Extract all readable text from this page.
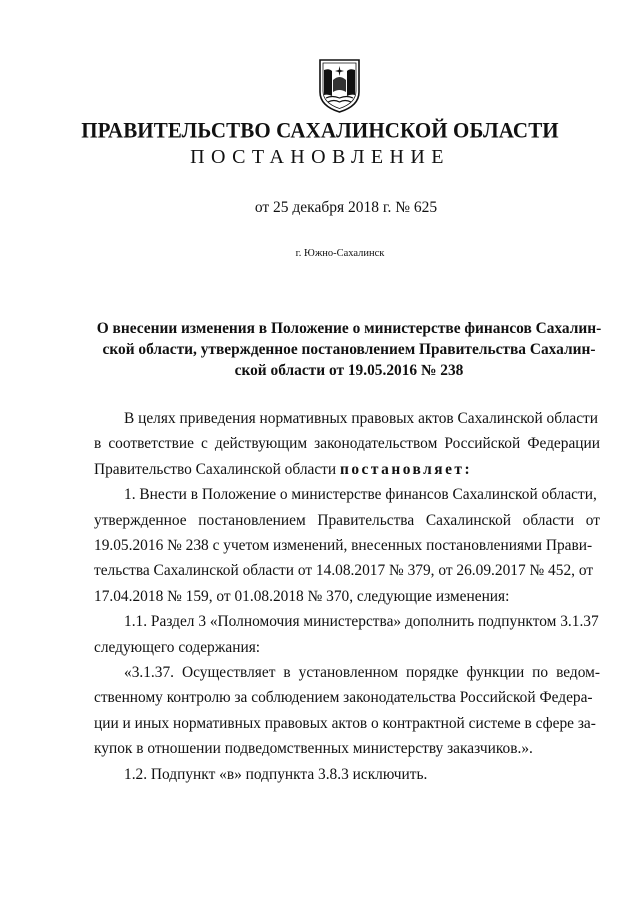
ПРАВИТЕЛЬСТВО САХАЛИНСКОЙ ОБЛАСТИ
ПОСТАНОВЛЕНИЕ
от 25 декабря 2018 г. № 625
г. Южно-Сахалинск
О внесении изменения в Положение о министерстве финансов Сахалин-
ской области, утвержденное постановлением Правительства Сахалин-
ской области от 19.05.2016 № 238
В целях приведения нормативных правовых актов Сахалинской области
в соответствие с действующим законодательством Российской Федерации
Правительство Сахалинской области постановляет:
1. Внести в Положение о министерстве финансов Сахалинской области,
утвержденное постановлением Правительства Сахалинской области от
19.05.2016 № 238 с учетом изменений, внесенных постановлениями Прави-
тельства Сахалинской области от 14.08.2017 № 379, от 26.09.2017 № 452, от
17.04.2018 № 159, от 01.08.2018 № 370, следующие изменения:
1.1. Раздел 3 «Полномочия министерства» дополнить подпунктом 3.1.37
следующего содержания:
«3.1.37. Осуществляет в установленном порядке функции по ведом-
ственному контролю за соблюдением законодательства Российской Федера-
ции и иных нормативных правовых актов о контрактной системе в сфере за-
купок в отношении подведомственных министерству заказчиков.».
1.2. Подпункт «в» подпункта 3.8.3 исключить.
